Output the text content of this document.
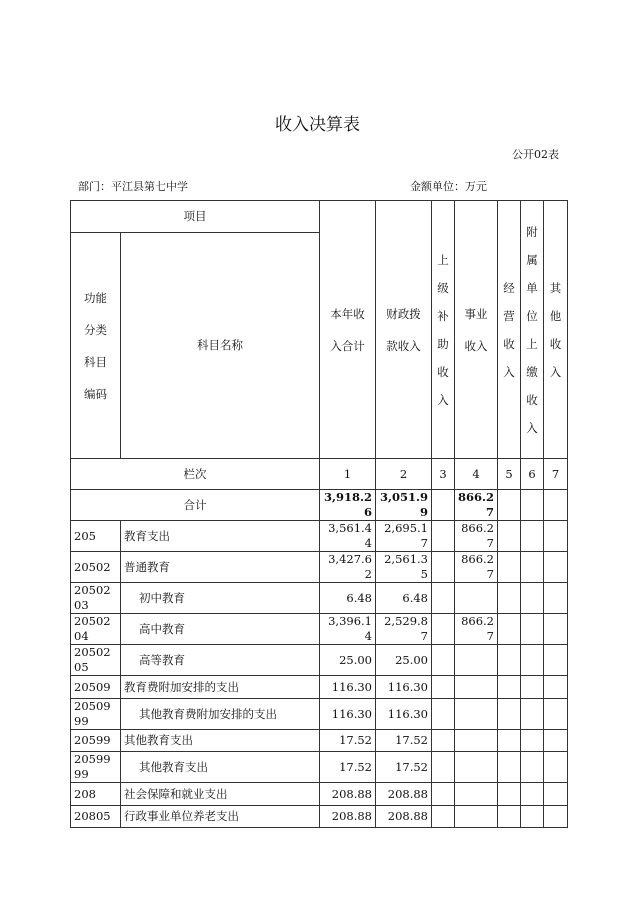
收入决算表
公开02表
部门：平江县第七中学	金额单位：万元
项目		本年收入合计	财政拨款收入	上级补助收入	事业收入	经营收入	附属单位上缴收入	其他收入
功能分类科目编码	科目名称							
栏次		1	2	3	4	5	6	7
合计		3,918.26	3,051.99		866.27			
205	教育支出	3,561.44	2,695.17		866.27			
20502	普通教育	3,427.62	2,561.35		866.27			
2050203	初中教育	6.48	6.48					
2050204	高中教育	3,396.14	2,529.87		866.27			
2050205	高等教育	25.00	25.00					
20509	教育费附加安排的支出	116.30	116.30					
2050999	其他教育费附加安排的支出	116.30	116.30					
20599	其他教育支出	17.52	17.52					
2059999	其他教育支出	17.52	17.52					
208	社会保障和就业支出	208.88	208.88					
20805	行政事业单位养老支出	208.88	208.88					
